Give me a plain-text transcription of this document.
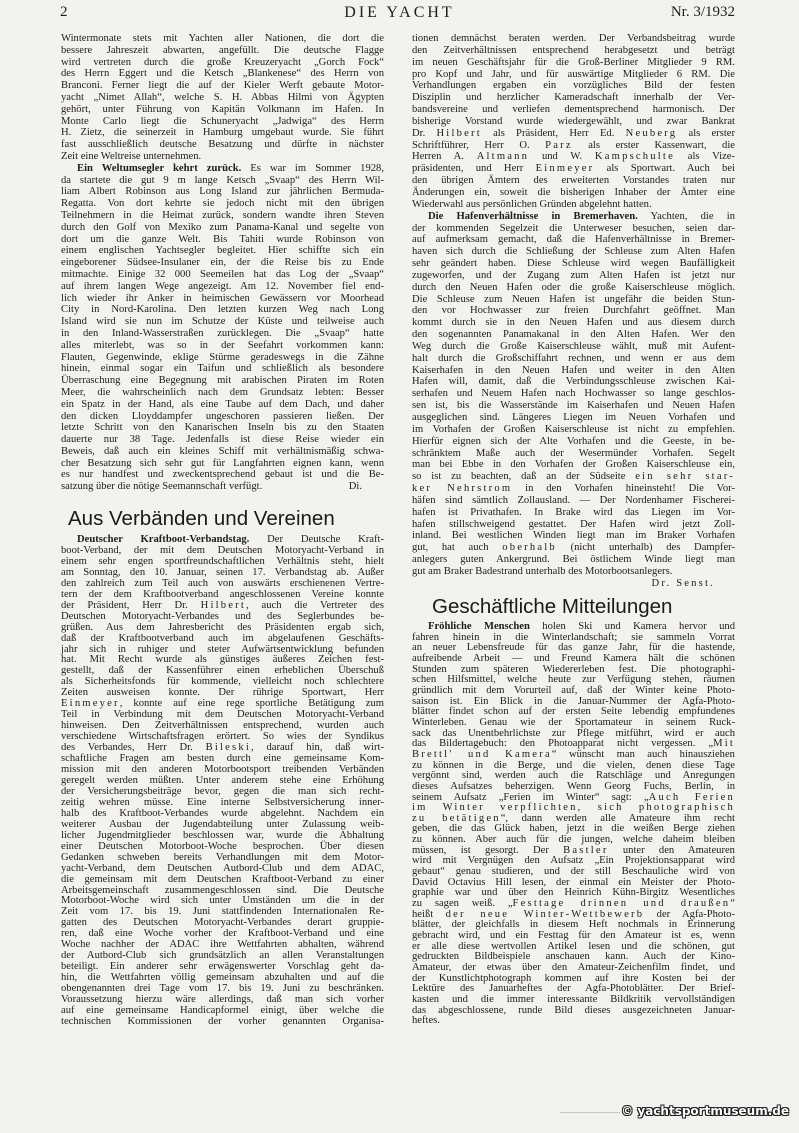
2	DIE YACHT	Nr. 3/1932
Wintermonate stets mit Yachten aller Nationen, die dort die
bessere Jahreszeit abwarten, angefüllt. Die deutsche Flagge
wird vertreten durch die große Kreuzeryacht „Gorch Fock“
des Herrn Eggert und die Ketsch „Blankenese“ des Herrn von
Branconi. Ferner liegt die auf der Kieler Werft gebaute Motor-
yacht „Nimet Allah“, welche S. H. Abbas Hilmi von Ägypten
gehört, unter Führung von Kapitän Volkmann im Hafen. In
Monte Carlo liegt die Schuneryacht „Jadwiga“ des Herrn
H. Zietz, die seinerzeit in Hamburg umgebaut wurde. Sie führt
fast ausschließlich deutsche Besatzung und dürfte in nächster
Zeit eine Weltreise unternehmen.
Ein Weltumsegler kehrt zurück. Es war im Sommer 1928,
da startete die gut 9 m lange Ketsch „Svaap“ des Herrn Wil-
liam Albert Robinson aus Long Island zur jährlichen Bermuda-
Regatta. Von dort kehrte sie jedoch nicht mit den übrigen
Teilnehmern in die Heimat zurück, sondern wandte ihren Steven
durch den Golf von Mexiko zum Panama-Kanal und segelte von
dort um die ganze Welt. Bis Tahiti wurde Robinson von
einem englischen Yachtsegler begleitet. Hier schiffte sich ein
eingeborener Südsee-Insulaner ein, der die Reise bis zu Ende
mitmachte. Einige 32 000 Seemeilen hat das Log der „Svaap“
auf ihrem langen Wege angezeigt. Am 12. November fiel end-
lich wieder ihr Anker in heimischen Gewässern vor Moorhead
City in Nord-Karolina. Den letzten kurzen Weg nach Long
Island wird sie nun im Schutze der Küste und teilweise auch
in den Inland-Wasserstraßen zurücklegen. Die „Svaap“ hatte
alles miterlebt, was so in der Seefahrt vorkommen kann:
Flauten, Gegenwinde, eklige Stürme geradeswegs in die Zähne
hinein, einmal sogar ein Taifun und schließlich als besondere
Überraschung eine Begegnung mit arabischen Piraten im Roten
Meer, die wahrscheinlich nach dem Grundsatz lebten: Besser
ein Spatz in der Hand, als eine Taube auf dem Dach, und daher
den dicken Lloyddampfer ungeschoren passieren ließen. Der
letzte Schritt von den Kanarischen Inseln bis zu den Staaten
dauerte nur 38 Tage. Jedenfalls ist diese Reise wieder ein
Beweis, daß auch ein kleines Schiff mit verhältnismäßig schwa-
cher Besatzung sich sehr gut für Langfahrten eignen kann, wenn
es nur handfest und zweckentsprechend gebaut ist und die Be-
satzung über die nötige Seemannschaft verfügt.	Di.
Aus Verbänden und Vereinen
Deutscher Kraftboot-Verbandstag. Der Deutsche Kraft-
boot-Verband, der mit dem Deutschen Motoryacht-Verband in
einem sehr engen sportfreundschaftlichen Verhältnis steht, hielt
am Sonntag, den 10. Januar, seinen 17. Verbandstag ab. Außer
den zahlreich zum Teil auch von auswärts erschienenen Vertre-
tern der dem Kraftbootverband angeschlossenen Vereine konnte
der Präsident, Herr Dr. Hilbert, auch die Vertreter des
Deutschen Motoryacht-Verbandes und des Seglerbundes be-
grüßen. Aus dem Jahresbericht des Präsidenten ergab sich,
daß der Kraftbootverband auch im abgelaufenen Geschäfts-
jahr sich in ruhiger und steter Aufwärtsentwicklung befunden
hat. Mit Recht wurde als günstiges äußeres Zeichen fest-
gestellt, daß der Kassenführer einen erheblichen Überschuß
als Sicherheitsfonds für kommende, vielleicht noch schlechtere
Zeiten ausweisen konnte. Der rührige Sportwart, Herr
Einmeyer, konnte auf eine rege sportliche Betätigung zum
Teil in Verbindung mit dem Deutschen Motoryacht-Verband
hinweisen. Den Zeitverhältnissen entsprechend, wurden auch
verschiedene Wirtschaftsfragen erörtert. So wies der Syndikus
des Verbandes, Herr Dr. Bileski, darauf hin, daß wirt-
schaftliche Fragen am besten durch eine gemeinsame Kom-
mission mit den anderen Motorbootsport treibenden Verbänden
geregelt werden müßten. Unter anderem stehe eine Erhöhung
der Versicherungsbeiträge bevor, gegen die man sich recht-
zeitig wehren müsse. Eine interne Selbstversicherung inner-
halb des Kraftboot-Verbandes wurde abgelehnt. Nachdem ein
weiterer Ausbau der Jugendabteilung unter Zulassung weib-
licher Jugendmitglieder beschlossen war, wurde die Abhaltung
einer Deutschen Motorboot-Woche besprochen. Über diesen
Gedanken schweben bereits Verhandlungen mit dem Motor-
yacht-Verband, dem Deutschen Autbord-Club und dem ADAC,
die gemeinsam mit dem Deutschen Kraftboot-Verband zu einer
Arbeitsgemeinschaft zusammengeschlossen sind. Die Deutsche
Motorboot-Woche wird sich unter Umständen um die in der
Zeit vom 17. bis 19. Juni stattfindenden Internationalen Re-
gatten des Deutschen Motoryacht-Verbandes derart gruppie-
ren, daß eine Woche vorher der Kraftboot-Verband und eine
Woche nachher der ADAC ihre Wettfahrten abhalten, während
der Autbord-Club sich grundsätzlich an allen Veranstaltungen
beteiligt. Ein anderer sehr erwägenswerter Vorschlag geht da-
hin, die Wettfahrten völlig gemeinsam abzuhalten und auf die
obengenannten drei Tage vom 17. bis 19. Juni zu beschränken.
Voraussetzung hierzu wäre allerdings, daß man sich vorher
auf eine gemeinsame Handicapformel einigt, über welche die
technischen Kommissionen der vorher genannten Organisa-
tionen demnächst beraten werden. Der Verbandsbeitrag wurde
den Zeitverhältnissen entsprechend herabgesetzt und beträgt
im neuen Geschäftsjahr für die Groß-Berliner Mitglieder 9 RM.
pro Kopf und Jahr, und für auswärtige Mitglieder 6 RM. Die
Verhandlungen ergaben ein vorzügliches Bild der festen
Disziplin und herzlicher Kameradschaft innerhalb der Ver-
bandsvereine und verliefen dementsprechend harmonisch. Der
bisherige Vorstand wurde wiedergewählt, und zwar Bankrat
Dr. Hilbert als Präsident, Herr Ed. Neuberg als erster
Schriftführer, Herr O. Parz als erster Kassenwart, die
Herren A. Altmann und W. Kampschulte als Vize-
präsidenten, und Herr Einmeyer als Sportwart. Auch bei
den übrigen Ämtern des erweiterten Vorstandes traten nur
Änderungen ein, soweit die bisherigen Inhaber der Ämter eine
Wiederwahl aus persönlichen Gründen abgelehnt hatten.
Die Hafenverhältnisse in Bremerhaven. Yachten, die in
der kommenden Segelzeit die Unterweser besuchen, seien dar-
auf aufmerksam gemacht, daß die Hafenverhältnisse in Bremer-
haven sich durch die Schließung der Schleuse zum Alten Hafen
sehr geändert haben. Diese Schleuse wird wegen Baufälligkeit
zugeworfen, und der Zugang zum Alten Hafen ist jetzt nur
durch den Neuen Hafen oder die große Kaiserschleuse möglich.
Die Schleuse zum Neuen Hafen ist ungefähr die beiden Stun-
den vor Hochwasser zur freien Durchfahrt geöffnet. Man
kommt durch sie in den Neuen Hafen und aus diesem durch
den sogenannten Panamakanal in den Alten Hafen. Wer den
Weg durch die Große Kaiserschleuse wählt, muß mit Aufent-
halt durch die Großschiffahrt rechnen, und wenn er aus dem
Kaiserhafen in den Neuen Hafen und weiter in den Alten
Hafen will, damit, daß die Verbindungsschleuse zwischen Kai-
serhafen und Neuem Hafen nach Hochwasser so lange geschlos-
sen ist, bis die Wasserstände im Kaiserhafen und Neuen Hafen
ausgeglichen sind. Längeres Liegen im Neuen Vorhafen und
im Vorhafen der Großen Kaiserschleuse ist nicht zu empfehlen.
Hierfür eignen sich der Alte Vorhafen und die Geeste, in be-
schränktem Maße auch der Wesermünder Vorhafen. Segelt
man bei Ebbe in den Vorhafen der Großen Kaiserschleuse ein,
so ist zu beachten, daß an der Südseite ein sehr star-
ker Nehrstrom in den Vorhafen hineinsteht! Die Vor-
häfen sind sämtlich Zollausland. — Der Nordenhamer Fischerei-
hafen ist Privathafen. In Brake wird das Liegen im Vor-
hafen stillschweigend gestattet. Der Hafen wird jetzt Zoll-
inland. Bei westlichen Winden liegt man im Braker Vorhafen
gut, hat auch oberhalb (nicht unterhalb) des Dampfer-
anlegers guten Ankergrund. Bei östlichem Winde liegt man
gut am Braker Badestrand unterhalb des Motorbootsanlegers.
Dr. Senst.
Geschäftliche Mitteilungen
Fröhliche Menschen holen Ski und Kamera hervor und
fahren hinein in die Winterlandschaft; sie sammeln Vorrat
an neuer Lebensfreude für das ganze Jahr, für die hastende,
aufreibende Arbeit — und Freund Kamera hält die schönen
Stunden zum späteren Wiedererleben fest. Die photographi-
schen Hilfsmittel, welche heute zur Verfügung stehen, räumen
gründlich mit dem Vorurteil auf, daß der Winter keine Photo-
saison ist. Ein Blick in die Januar-Nummer der Agfa-Photo-
blätter findet schon auf der ersten Seite lebendig empfundenes
Winterleben. Genau wie der Sportamateur in seinem Ruck-
sack das Unentbehrlichste zur Pflege mitführt, wird er auch
das Bildertagebuch: den Photoapparat nicht vergessen. „Mit
Brettl' und Kamera“ wünscht man auch hinausziehen
zu können in die Berge, und die vielen, denen diese Tage
vergönnt sind, werden auch die Ratschläge und Anregungen
dieses Aufsatzes beherzigen. Wenn Georg Fuchs, Berlin, in
seinem Aufsatz „Ferien im Winter“ sagt: „Auch Ferien
im Winter verpflichten, sich photographisch
zu betätigen“, dann werden alle Amateure ihm recht
geben, die das Glück haben, jetzt in die weißen Berge ziehen
zu können. Aber auch für die jungen, welche daheim bleiben
müssen, ist gesorgt. Der Bastler unter den Amateuren
wird mit Vergnügen den Aufsatz „Ein Projektionsapparat wird
gebaut“ genau studieren, und der still Beschauliche wird von
David Octavius Hill lesen, der einmal ein Meister der Photo-
graphie war und über den Heinrich Kühn-Birgitz Wesentliches
zu sagen weiß. „Festtage drinnen und draußen“
heißt der neue Winter-Wettbewerb der Agfa-Photo-
blätter, der gleichfalls in diesem Heft nochmals in Erinnerung
gebracht wird, und ein Festtag für den Amateur ist es, wenn
er alle diese wertvollen Artikel lesen und die schönen, gut
gedruckten Bildbeispiele anschauen kann. Auch der Kino-
Amateur, der etwas über den Amateur-Zeichenfilm findet, und
der Kunstlichtphotograph kommen auf ihre Kosten bei der
Lektüre des Januarheftes der Agfa-Photoblätter. Der Brief-
kasten und die immer interessante Bildkritik vervollständigen
das abgeschlossene, runde Bild dieses ausgezeichneten Januar-
heftes.
© yachtsportmuseum.de
